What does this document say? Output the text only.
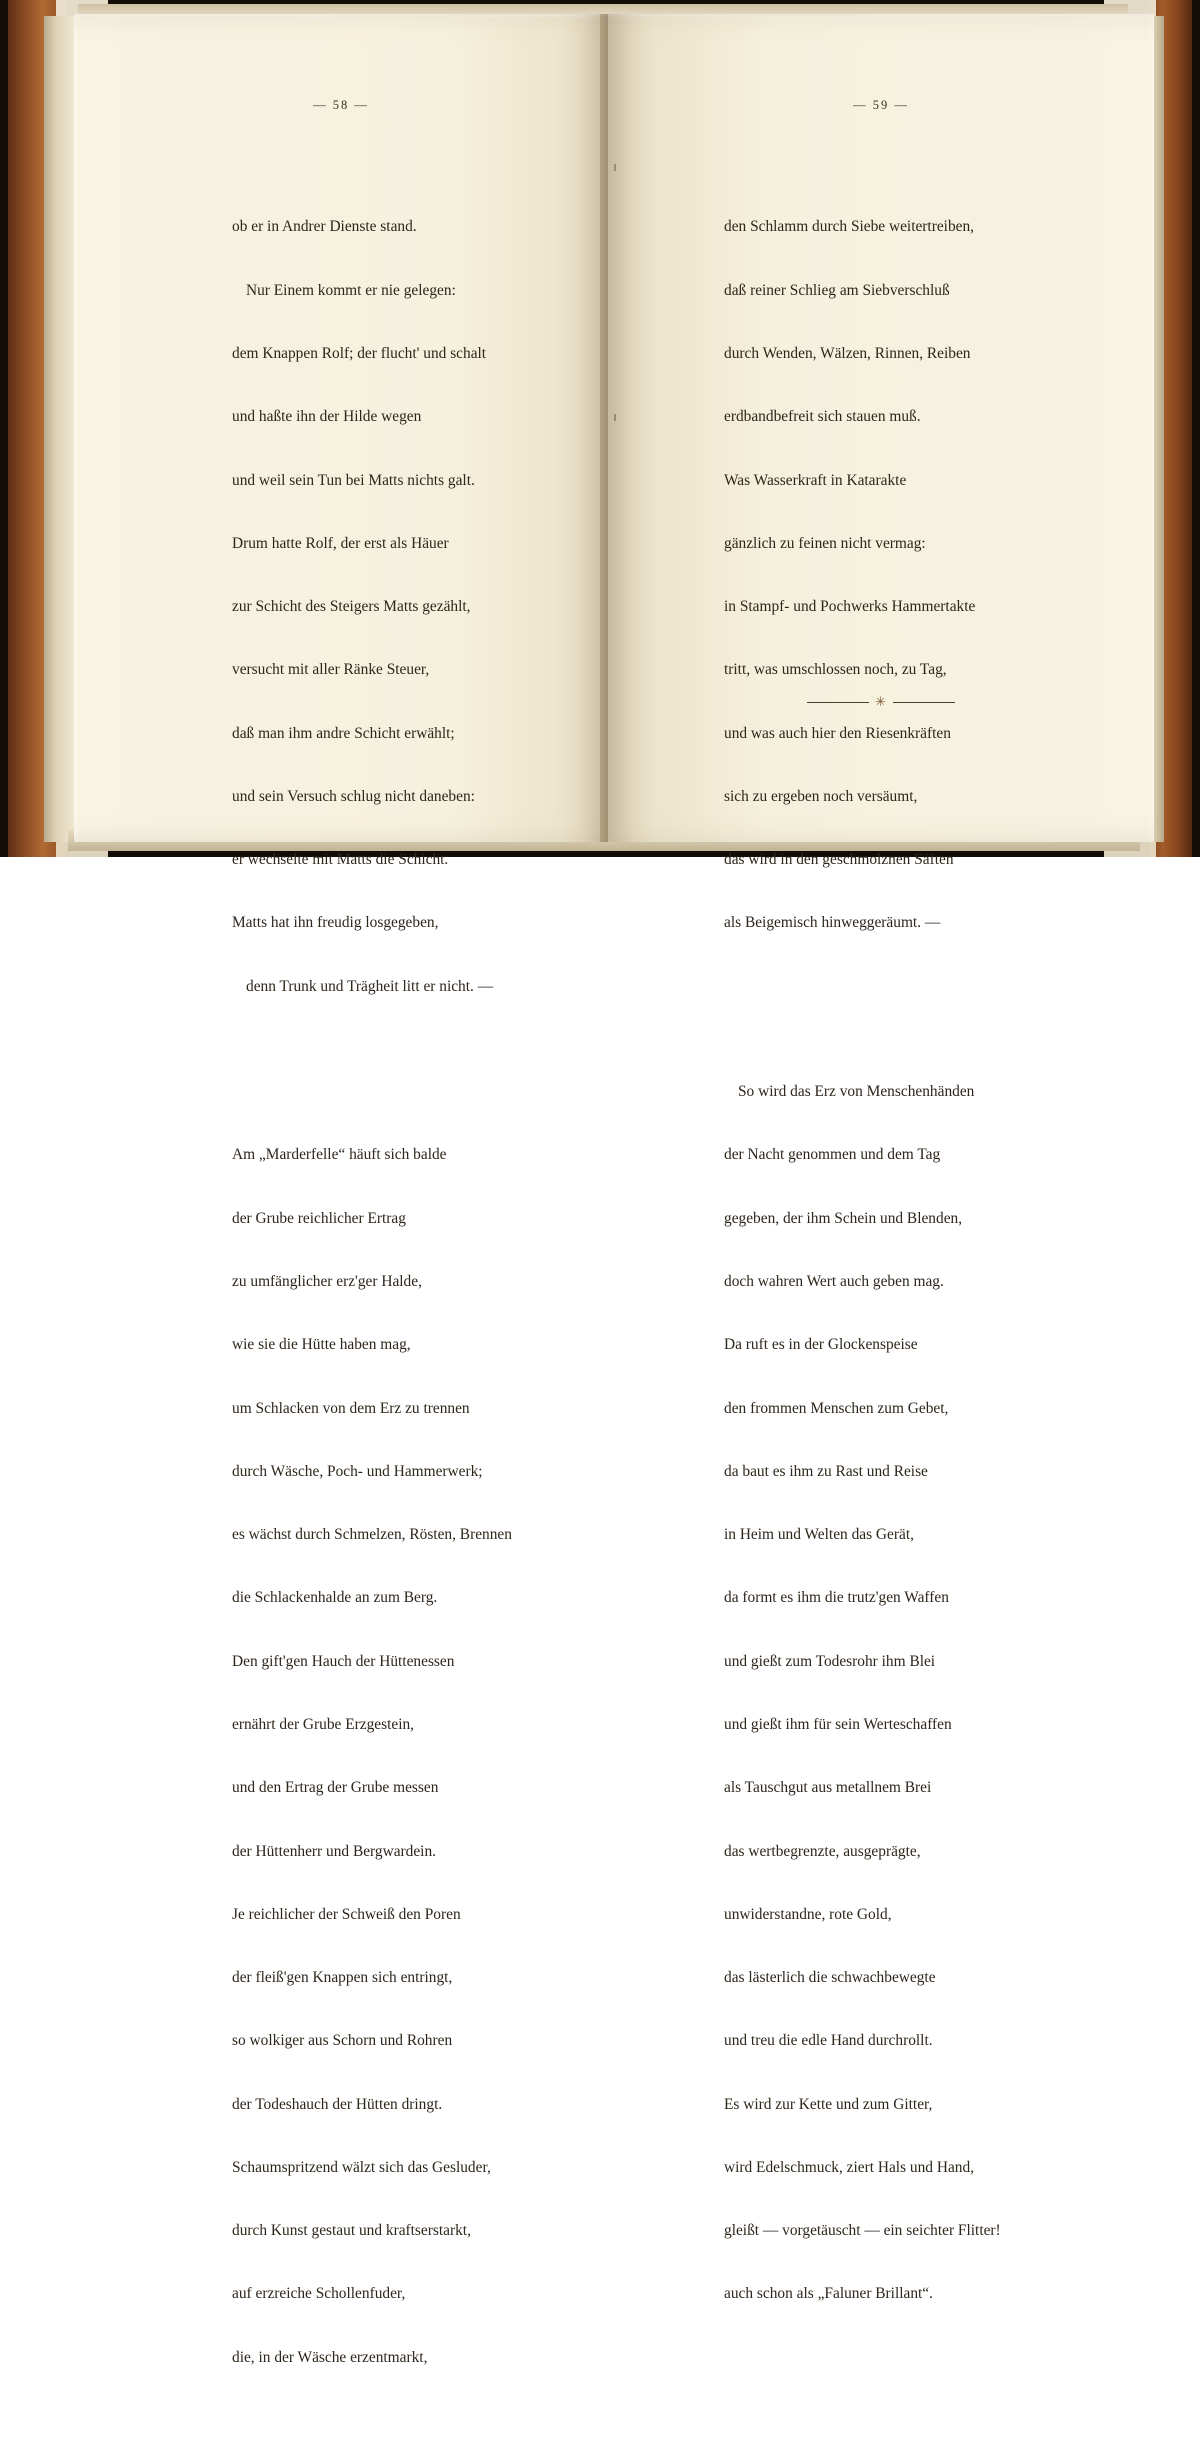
— 58 —

ob er in Andrer Dienste stand.

Nur Einem kommt er nie gelegen:

dem Knappen Rolf; der flucht' und schalt

und haßte ihn der Hilde wegen

und weil sein Tun bei Matts nichts galt.

Drum hatte Rolf, der erst als Häuer

zur Schicht des Steigers Matts gezählt,

versucht mit aller Ränke Steuer,

daß man ihm andre Schicht erwählt;

und sein Versuch schlug nicht daneben:

er wechselte mit Matts die Schicht.

Matts hat ihn freudig losgegeben,

denn Trunk und Trägheit litt er nicht. —

Am „Marderfelle“ häuft sich balde

der Grube reichlicher Ertrag

zu umfänglicher erz'ger Halde,

wie sie die Hütte haben mag,

um Schlacken von dem Erz zu trennen

durch Wäsche, Poch- und Hammerwerk;

es wächst durch Schmelzen, Rösten, Brennen

die Schlackenhalde an zum Berg.

Den gift'gen Hauch der Hüttenessen

ernährt der Grube Erzgestein,

und den Ertrag der Grube messen

der Hüttenherr und Bergwardein.

Je reichlicher der Schweiß den Poren

der fleiß'gen Knappen sich entringt,

so wolkiger aus Schorn und Rohren

der Todeshauch der Hütten dringt.

Schaumspritzend wälzt sich das Gesluder,

durch Kunst gestaut und kraftserstarkt,

auf erzreiche Schollenfuder,

die, in der Wäsche erzentmarkt,

— 59 —

den Schlamm durch Siebe weitertreiben,

daß reiner Schlieg am Siebverschluß

durch Wenden, Wälzen, Rinnen, Reiben

erdbandbefreit sich stauen muß.

Was Wasserkraft in Katarakte

gänzlich zu feinen nicht vermag:

in Stampf- und Pochwerks Hammertakte

tritt, was umschlossen noch, zu Tag,

und was auch hier den Riesenkräften

sich zu ergeben noch versäumt,

das wird in den geschmolznen Säften

als Beigemisch hinweggeräumt. —

So wird das Erz von Menschenhänden

der Nacht genommen und dem Tag

gegeben, der ihm Schein und Blenden,

doch wahren Wert auch geben mag.

Da ruft es in der Glockenspeise

den frommen Menschen zum Gebet,

da baut es ihm zu Rast und Reise

in Heim und Welten das Gerät,

da formt es ihm die trutz'gen Waffen

und gießt zum Todesrohr ihm Blei

und gießt ihm für sein Werteschaffen

als Tauschgut aus metallnem Brei

das wertbegrenzte, ausgeprägte,

unwiderstandne, rote Gold,

das lästerlich die schwachbewegte

und treu die edle Hand durchrollt.

Es wird zur Kette und zum Gitter,

wird Edelschmuck, ziert Hals und Hand,

gleißt — vorgetäuscht — ein seichter Flitter!

auch schon als „Faluner Brillant“.

✳
